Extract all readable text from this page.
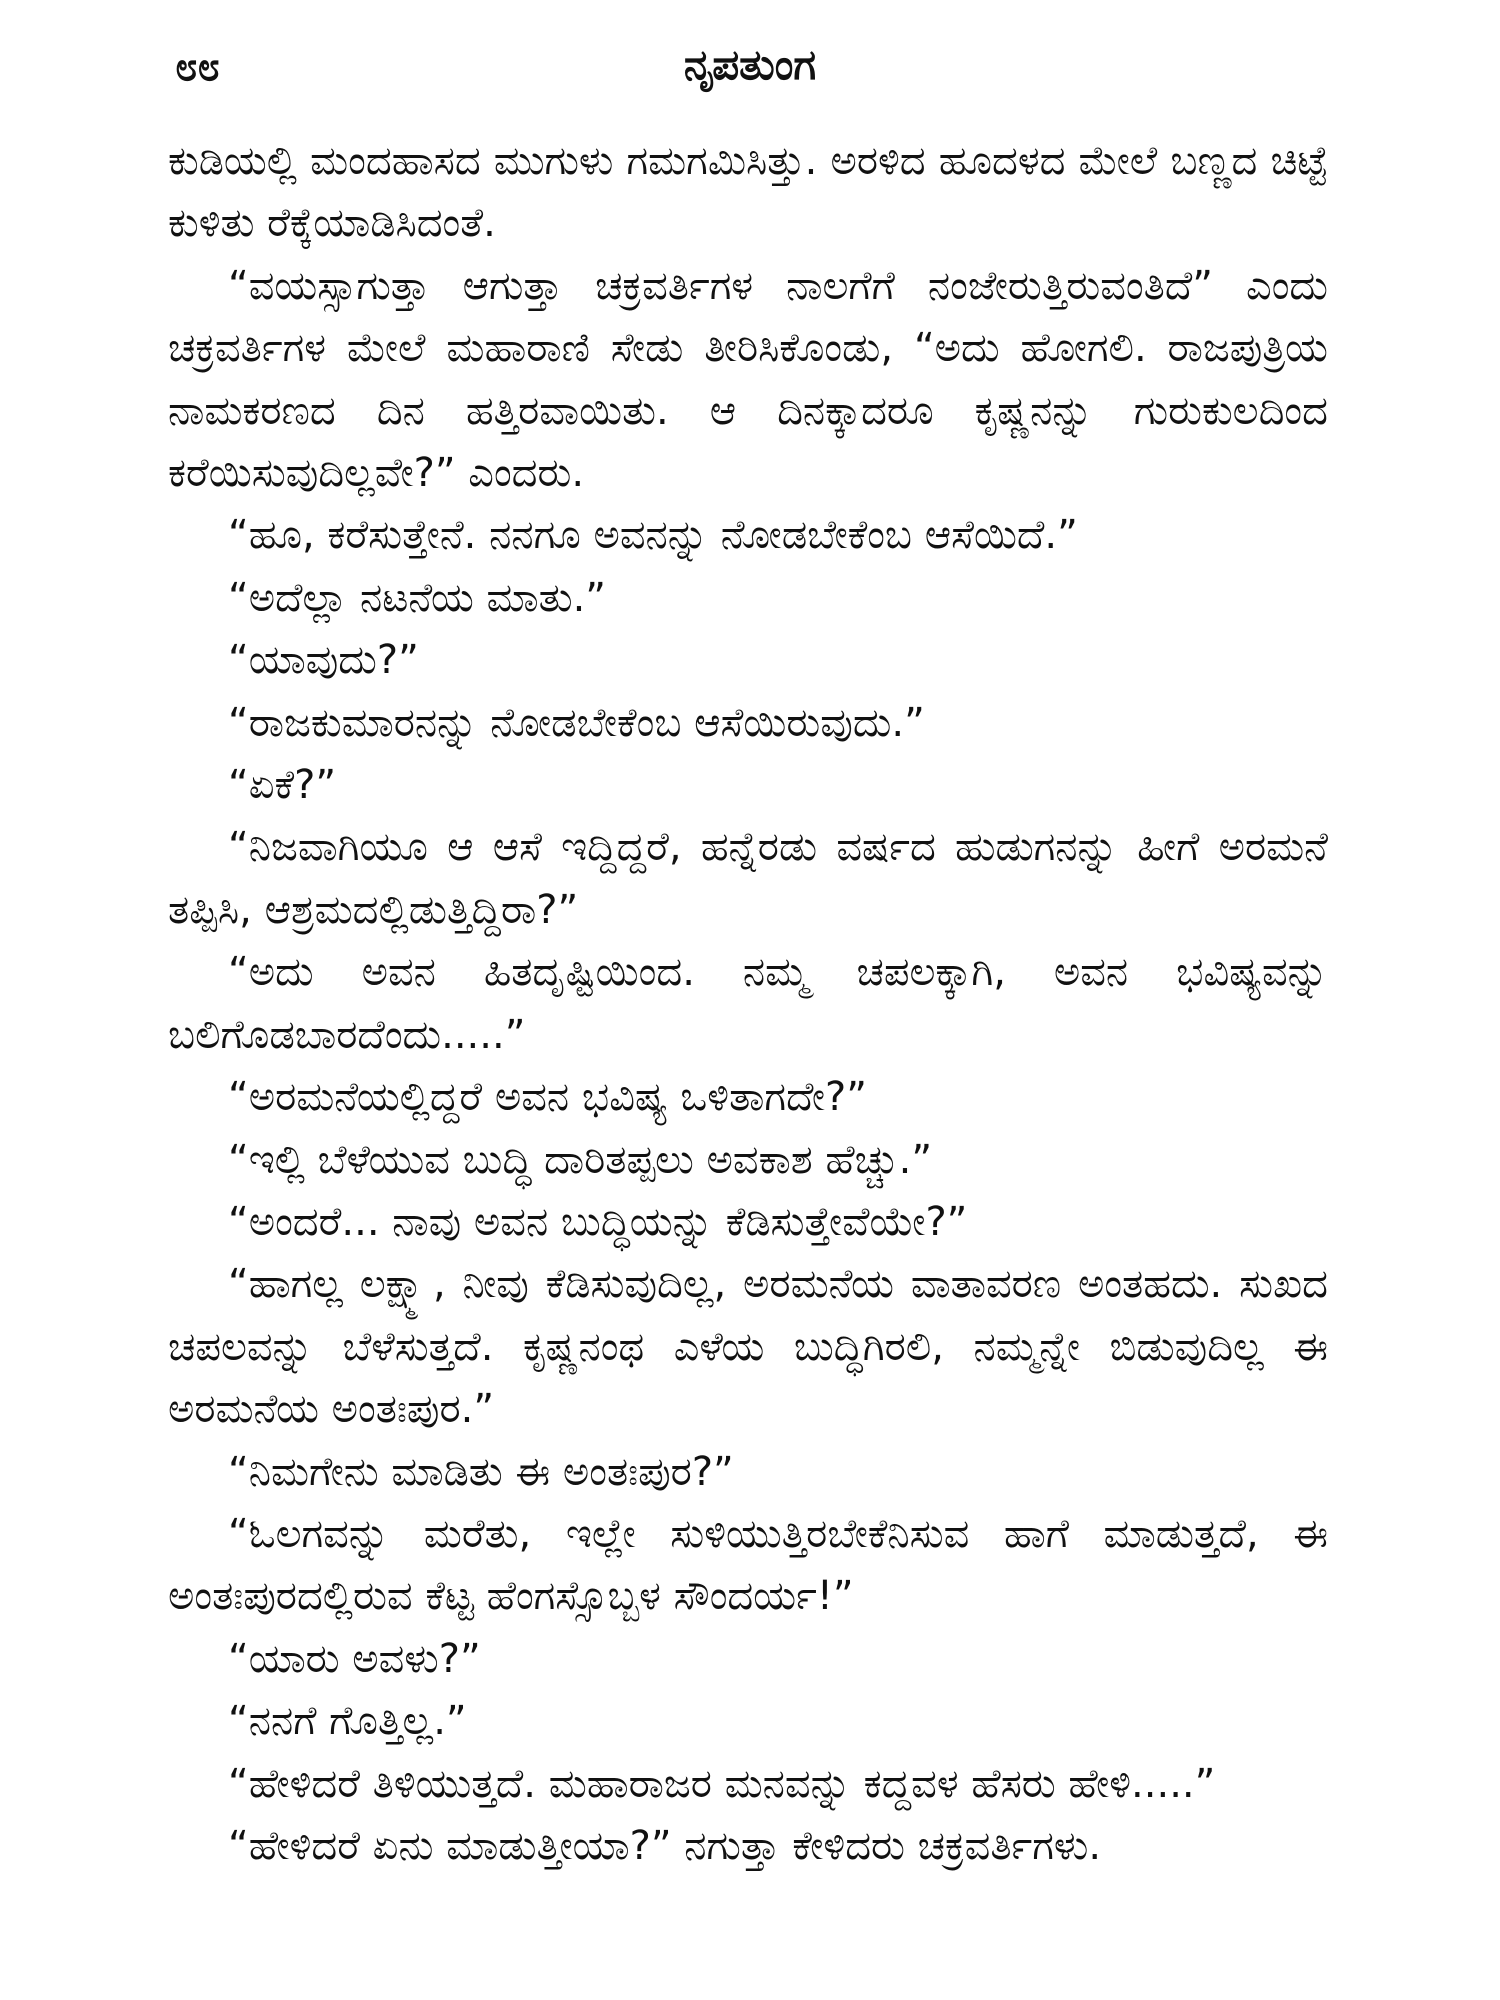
೮೮	ನೃಪತುಂಗ

ಕುಡಿಯಲ್ಲಿ ಮಂದಹಾಸದ ಮುಗುಳು ಗಮಗಮಿಸಿತ್ತು. ಅರಳಿದ ಹೂದಳದ ಮೇಲೆ ಬಣ್ಣದ ಚಿಟ್ಟೆ ಕುಳಿತು ರೆಕ್ಕೆಯಾಡಿಸಿದಂತೆ.

“ವಯಸ್ಸಾಗುತ್ತಾ ಆಗುತ್ತಾ ಚಕ್ರವರ್ತಿಗಳ ನಾಲಗೆಗೆ ನಂಜೇರುತ್ತಿರುವಂತಿದೆ” ಎಂದು ಚಕ್ರವರ್ತಿಗಳ ಮೇಲೆ ಮಹಾರಾಣಿ ಸೇಡು ತೀರಿಸಿಕೊಂಡು, “ಅದು ಹೋಗಲಿ. ರಾಜಪುತ್ರಿಯ ನಾಮಕರಣದ ದಿನ ಹತ್ತಿರವಾಯಿತು. ಆ ದಿನಕ್ಕಾದರೂ ಕೃಷ್ಣನನ್ನು ಗುರುಕುಲದಿಂದ ಕರೆಯಿಸುವುದಿಲ್ಲವೇ?” ಎಂದರು.

“ಹೂ, ಕರೆಸುತ್ತೇನೆ. ನನಗೂ ಅವನನ್ನು ನೋಡಬೇಕೆಂಬ ಆಸೆಯಿದೆ.”

“ಅದೆಲ್ಲಾ ನಟನೆಯ ಮಾತು.”

“ಯಾವುದು?”

“ರಾಜಕುಮಾರನನ್ನು ನೋಡಬೇಕೆಂಬ ಆಸೆಯಿರುವುದು.”

“ಏಕೆ?”

“ನಿಜವಾಗಿಯೂ ಆ ಆಸೆ ಇದ್ದಿದ್ದರೆ, ಹನ್ನೆರಡು ವರ್ಷದ ಹುಡುಗನನ್ನು ಹೀಗೆ ಅರಮನೆ ತಪ್ಪಿಸಿ, ಆಶ್ರಮದಲ್ಲಿಡುತ್ತಿದ್ದಿರಾ?”

“ಅದು ಅವನ ಹಿತದೃಷ್ಟಿಯಿಂದ. ನಮ್ಮ ಚಪಲಕ್ಕಾಗಿ, ಅವನ ಭವಿಷ್ಯವನ್ನು ಬಲಿಗೊಡಬಾರದೆಂದು.....”

“ಅರಮನೆಯಲ್ಲಿದ್ದರೆ ಅವನ ಭವಿಷ್ಯ ಒಳಿತಾಗದೇ?”

“ಇಲ್ಲಿ ಬೆಳೆಯುವ ಬುದ್ಧಿ ದಾರಿತಪ್ಪಲು ಅವಕಾಶ ಹೆಚ್ಚು.”

“ಅಂದರೆ... ನಾವು ಅವನ ಬುದ್ಧಿಯನ್ನು ಕೆಡಿಸುತ್ತೇವೆಯೇ?”

“ಹಾಗಲ್ಲ ಲಕ್ಷ್ಮಾ, ನೀವು ಕೆಡಿಸುವುದಿಲ್ಲ, ಅರಮನೆಯ ವಾತಾವರಣ ಅಂತಹದು. ಸುಖದ ಚಪಲವನ್ನು ಬೆಳೆಸುತ್ತದೆ. ಕೃಷ್ಣನಂಥ ಎಳೆಯ ಬುದ್ಧಿಗಿರಲಿ, ನಮ್ಮನ್ನೇ ಬಿಡುವುದಿಲ್ಲ ಈ ಅರಮನೆಯ ಅಂತಃಪುರ.”

“ನಿಮಗೇನು ಮಾಡಿತು ಈ ಅಂತಃಪುರ?”

“ಓಲಗವನ್ನು ಮರೆತು, ಇಲ್ಲೇ ಸುಳಿಯುತ್ತಿರಬೇಕೆನಿಸುವ ಹಾಗೆ ಮಾಡುತ್ತದೆ, ಈ ಅಂತಃಪುರದಲ್ಲಿರುವ ಕೆಟ್ಟ ಹೆಂಗಸ್ಸೊಬ್ಬಳ ಸೌಂದರ್ಯ!”

“ಯಾರು ಅವಳು?”

“ನನಗೆ ಗೊತ್ತಿಲ್ಲ.”

“ಹೇಳಿದರೆ ತಿಳಿಯುತ್ತದೆ. ಮಹಾರಾಜರ ಮನವನ್ನು ಕದ್ದವಳ ಹೆಸರು ಹೇಳಿ.....”

“ಹೇಳಿದರೆ ಏನು ಮಾಡುತ್ತೀಯಾ?” ನಗುತ್ತಾ ಕೇಳಿದರು ಚಕ್ರವರ್ತಿಗಳು.
